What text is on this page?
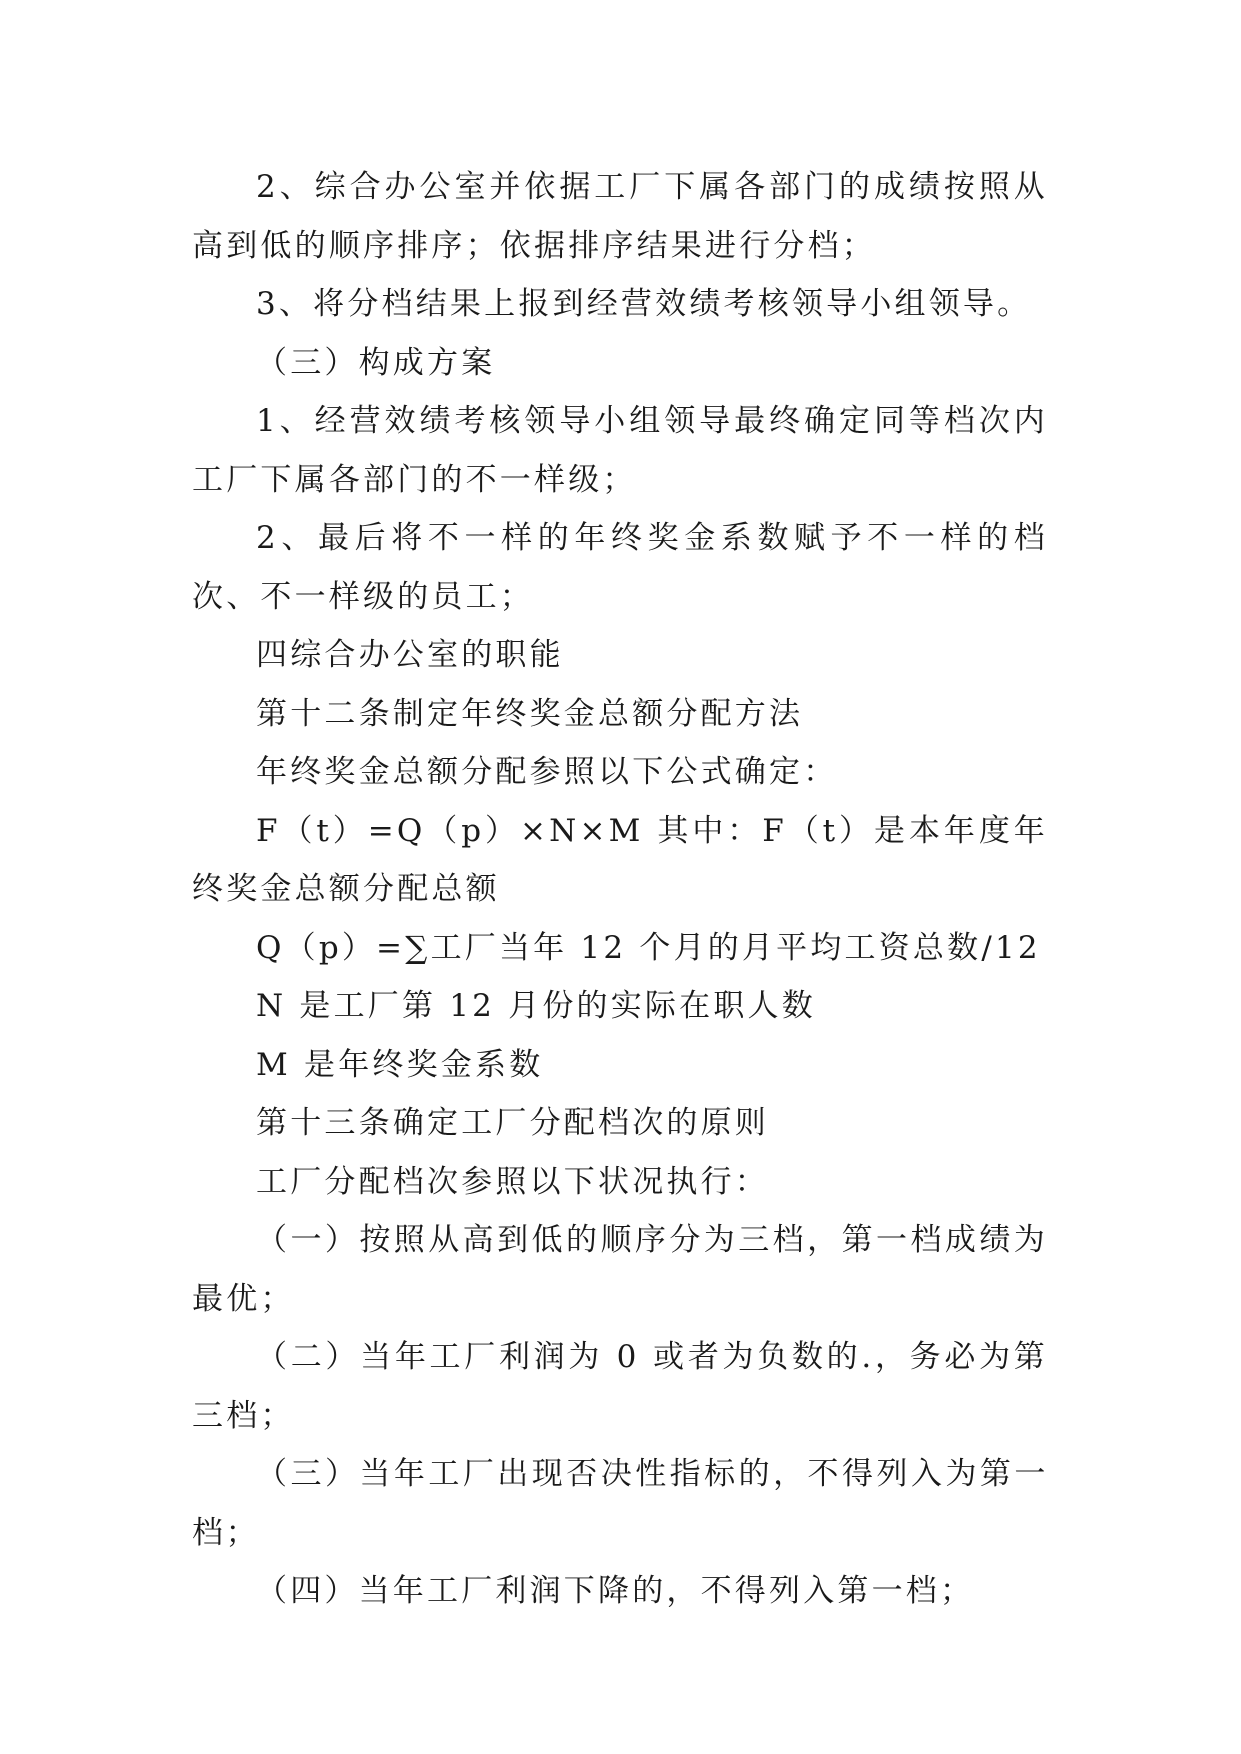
2、综合办公室并依据工厂下属各部门的成绩按照从高到低的顺序排序；依据排序结果进行分档；

3、将分档结果上报到经营效绩考核领导小组领导。

（三）构成方案

1、经营效绩考核领导小组领导最终确定同等档次内工厂下属各部门的不一样级；

2、最后将不一样的年终奖金系数赋予不一样的档次、不一样级的员工；

四综合办公室的职能

第十二条制定年终奖金总额分配方法

年终奖金总额分配参照以下公式确定：

F（t）=Q（p）×N×M 其中：F（t）是本年度年终奖金总额分配总额

Q（p）=∑工厂当年 12 个月的月平均工资总数/12

N 是工厂第 12 月份的实际在职人数

M 是年终奖金系数

第十三条确定工厂分配档次的原则

工厂分配档次参照以下状况执行：

（一）按照从高到低的顺序分为三档，第一档成绩为最优；

（二）当年工厂利润为 0 或者为负数的.，务必为第三档；

（三）当年工厂出现否决性指标的，不得列入为第一档；

（四）当年工厂利润下降的，不得列入第一档；
